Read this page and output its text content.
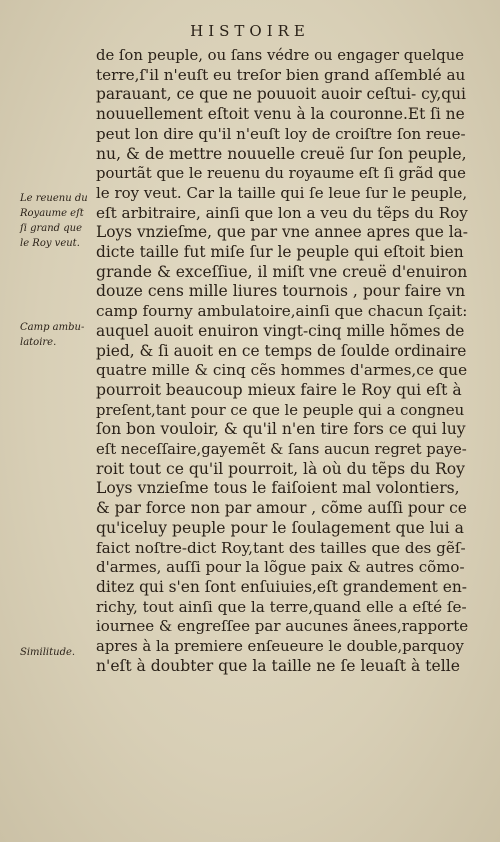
HISTOIRE
de ſon peuple, ou ſans védre ou engager quelque
terre,ſ'il n'euſt eu treſor bien grand aſſemblé au
parauant, ce que ne pouuoit auoir ceſtui- cy,qui
nouuellement eſtoit venu à la couronne.Et ſi ne
peut lon dire qu'il n'euſt loy de croiſtre ſon reue-
nu, & de mettre nouuelle creuë ſur ſon peuple,
pourtãt que le reuenu du royaume eſt ſi grãd que
le roy veut. Car la taille qui ſe leue ſur le peuple,
eſt arbitraire, ainſi que lon a veu du tẽps du Roy
Loys vnzieſme, que par vne annee apres que la-
dicte taille fut miſe ſur le peuple qui eſtoit bien
grande & exceſſiue, il miſt vne creuë d'enuiron
douze cens mille liures tournois , pour faire vn
camp fourny ambulatoire,ainſi que chacun ſçait:
auquel auoit enuiron vingt-cinq mille hõmes de
pied, & ſi auoit en ce temps de ſoulde ordinaire
quatre mille & cinq cẽs hommes d'armes,ce que
pourroit beaucoup mieux faire le Roy qui eſt à
preſent,tant pour ce que le peuple qui a congneu
ſon bon vouloir, & qu'il n'en tire fors ce qui luy
eſt neceſſaire,gayemẽt & ſans aucun regret paye-
roit tout ce qu'il pourroit, là où du tẽps du Roy
Loys vnzieſme tous le faiſoient mal volontiers,
& par force non par amour , cõme auſſi pour ce
qu'iceluy peuple pour le ſoulagement que lui a
faict noſtre-dict Roy,tant des tailles que des gẽſ-
d'armes, auſſi pour la lõgue paix & autres cõmo-
ditez qui s'en ſont enſuiuies,eſt grandement en-
richy, tout ainſi que la terre,quand elle a eſté ſe-
iournee & engreſſee par aucunes ãnees,rapporte
apres à la premiere enſeueure le double,parquoy
n'eſt à doubter que la taille ne ſe leuaſt à telle
Le reuenu du
Royaume eſt
ſi grand que
le Roy veut.
Camp ambu-
latoire.
Similitude.
